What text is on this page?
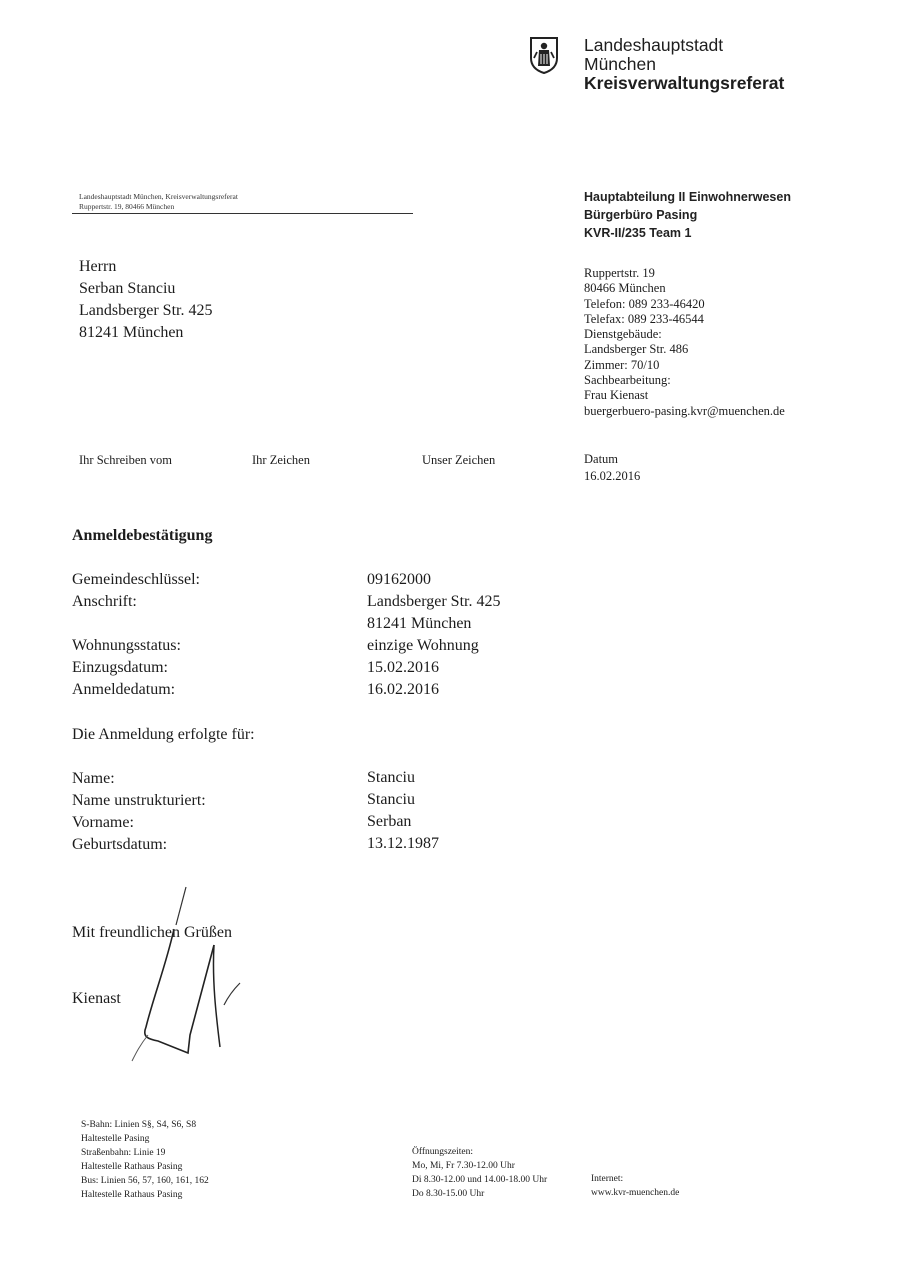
Landeshauptstadt
München
Kreisverwaltungsreferat
Landeshauptstadt München, Kreisverwaltungsreferat
Ruppertstr. 19, 80466 München
Herrn
Serban Stanciu
Landsberger Str. 425
81241 München
Hauptabteilung II Einwohnerwesen
Bürgerbüro Pasing
KVR-II/235 Team 1
Ruppertstr. 19
80466 München
Telefon: 089 233-46420
Telefax: 089 233-46544
Dienstgebäude:
Landsberger Str. 486
Zimmer: 70/10
Sachbearbeitung:
Frau Kienast
buergerbuero-pasing.kvr@muenchen.de
Ihr Schreiben vom	Ihr Zeichen	Unser Zeichen	Datum
16.02.2016
Anmeldebestätigung
Gemeindeschlüssel:	09162000
Anschrift:	Landsberger Str. 425
81241 München
Wohnungsstatus:	einzige Wohnung
Einzugsdatum:	15.02.2016
Anmeldedatum:	16.02.2016
Die Anmeldung erfolgte für:
Name:	Stanciu
Name unstrukturiert:	Stanciu
Vorname:	Serban
Geburtsdatum:	13.12.1987
Mit freundlichen Grüßen
Kienast
S-Bahn: Linien S§, S4, S6, S8
Haltestelle Pasing
Straßenbahn: Linie 19
Haltestelle Rathaus Pasing
Bus: Linien 56, 57, 160, 161, 162
Haltestelle Rathaus Pasing
Öffnungszeiten:
Mo, Mi, Fr 7.30-12.00 Uhr
Di 8.30-12.00 und 14.00-18.00 Uhr
Do 8.30-15.00 Uhr
Internet:
www.kvr-muenchen.de
